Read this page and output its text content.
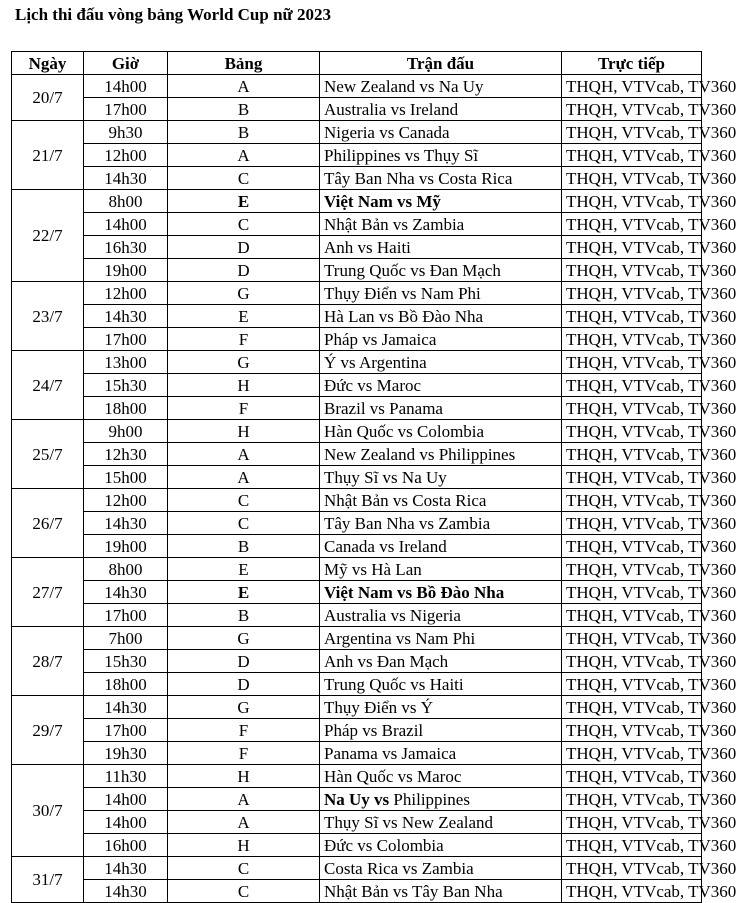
Lịch thi đấu vòng bảng World Cup nữ 2023
Ngày	Giờ	Bảng	Trận đấu	Trực tiếp
20/7	14h00	A	New Zealand vs Na Uy	THQH, VTVcab, TV360
	17h00	B	Australia vs Ireland	THQH, VTVcab, TV360
21/7	9h30	B	Nigeria vs Canada	THQH, VTVcab, TV360
	12h00	A	Philippines vs Thụy Sĩ	THQH, VTVcab, TV360
	14h30	C	Tây Ban Nha vs Costa Rica	THQH, VTVcab, TV360
22/7	8h00	E	Việt Nam vs Mỹ	THQH, VTVcab, TV360
	14h00	C	Nhật Bản vs Zambia	THQH, VTVcab, TV360
	16h30	D	Anh vs Haiti	THQH, VTVcab, TV360
	19h00	D	Trung Quốc vs Đan Mạch	THQH, VTVcab, TV360
23/7	12h00	G	Thụy Điển vs Nam Phi	THQH, VTVcab, TV360
	14h30	E	Hà Lan vs Bồ Đào Nha	THQH, VTVcab, TV360
	17h00	F	Pháp vs Jamaica	THQH, VTVcab, TV360
24/7	13h00	G	Ý vs Argentina	THQH, VTVcab, TV360
	15h30	H	Đức vs Maroc	THQH, VTVcab, TV360
	18h00	F	Brazil vs Panama	THQH, VTVcab, TV360
25/7	9h00	H	Hàn Quốc vs Colombia	THQH, VTVcab, TV360
	12h30	A	New Zealand vs Philippines	THQH, VTVcab, TV360
	15h00	A	Thụy Sĩ vs Na Uy	THQH, VTVcab, TV360
26/7	12h00	C	Nhật Bản vs Costa Rica	THQH, VTVcab, TV360
	14h30	C	Tây Ban Nha vs Zambia	THQH, VTVcab, TV360
	19h00	B	Canada vs Ireland	THQH, VTVcab, TV360
27/7	8h00	E	Mỹ vs Hà Lan	THQH, VTVcab, TV360
	14h30	E	Việt Nam vs Bồ Đào Nha	THQH, VTVcab, TV360
	17h00	B	Australia vs Nigeria	THQH, VTVcab, TV360
28/7	7h00	G	Argentina vs Nam Phi	THQH, VTVcab, TV360
	15h30	D	Anh vs Đan Mạch	THQH, VTVcab, TV360
	18h00	D	Trung Quốc vs Haiti	THQH, VTVcab, TV360
29/7	14h30	G	Thụy Điển vs Ý	THQH, VTVcab, TV360
	17h00	F	Pháp vs Brazil	THQH, VTVcab, TV360
	19h30	F	Panama vs Jamaica	THQH, VTVcab, TV360
30/7	11h30	H	Hàn Quốc vs Maroc	THQH, VTVcab, TV360
	14h00	A	Na Uy vs Philippines	THQH, VTVcab, TV360
	14h00	A	Thụy Sĩ vs New Zealand	THQH, VTVcab, TV360
	16h00	H	Đức vs Colombia	THQH, VTVcab, TV360
31/7	14h30	C	Costa Rica vs Zambia	THQH, VTVcab, TV360
	14h30	C	Nhật Bản vs Tây Ban Nha	THQH, VTVcab, TV360
